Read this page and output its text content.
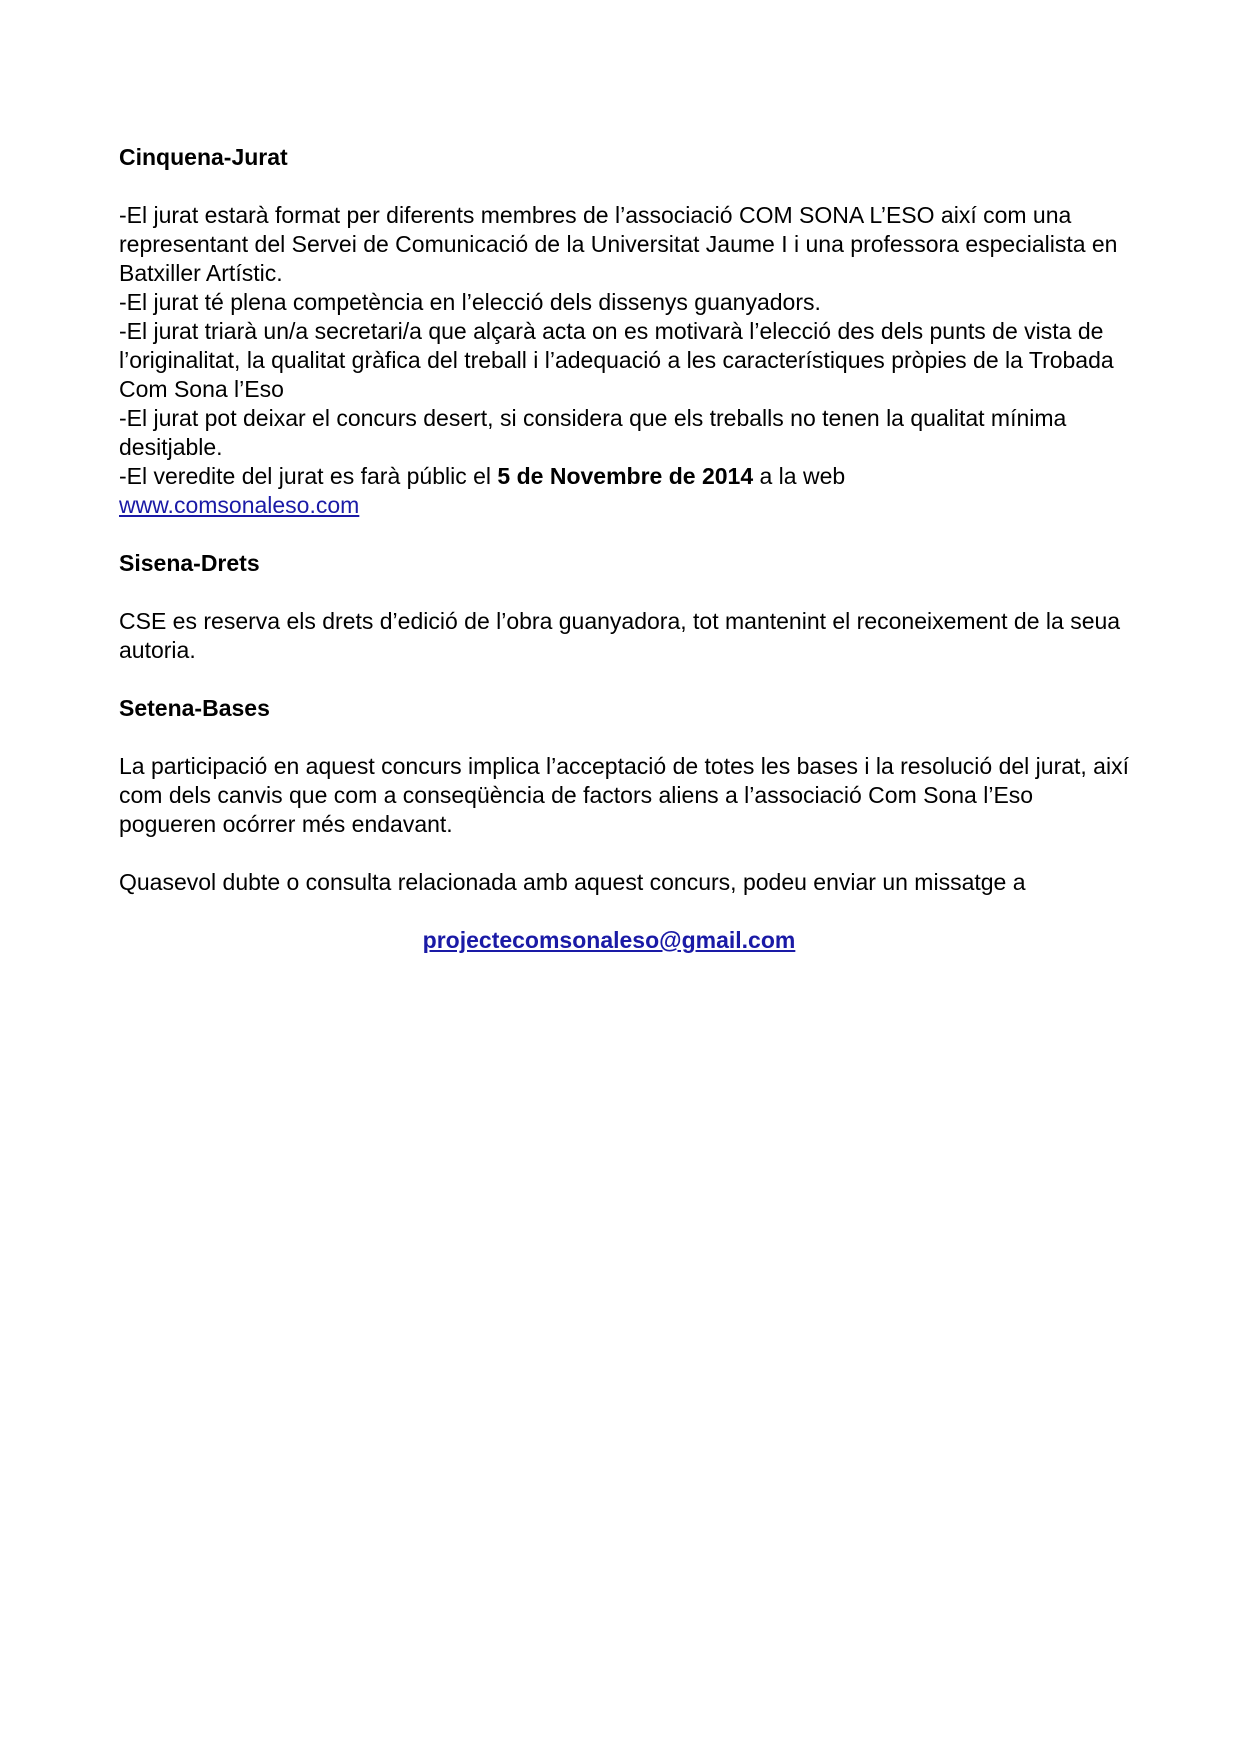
Cinquena-Jurat

-El jurat estarà format per diferents membres de l’associació COM SONA L’ESO així com una representant del Servei de Comunicació de la Universitat Jaume I i una professora especialista en Batxiller Artístic.

-El jurat té plena competència en l’elecció dels dissenys guanyadors.

-El jurat triarà un/a secretari/a que alçarà acta on es motivarà l’elecció des dels punts de vista de l’originalitat, la qualitat gràfica del treball i l’adequació a les característiques pròpies de la Trobada Com Sona l’Eso

-El jurat pot deixar el concurs desert, si considera que els treballs no tenen la qualitat mínima desitjable.

-El veredite del jurat es farà públic el 5 de Novembre de 2014 a la web
www.comsonaleso.com

Sisena-Drets

CSE es reserva els drets d’edició de l’obra guanyadora, tot mantenint el reconeixement de la seua autoria.

Setena-Bases

La participació en aquest concurs implica l’acceptació de totes les bases i la resolució del jurat, així com dels canvis que com a conseqüència de factors aliens a l’associació Com Sona l’Eso pogueren ocórrer més endavant.

Quasevol dubte o consulta relacionada amb aquest concurs, podeu enviar un missatge a

projectecomsonaleso@gmail.com
